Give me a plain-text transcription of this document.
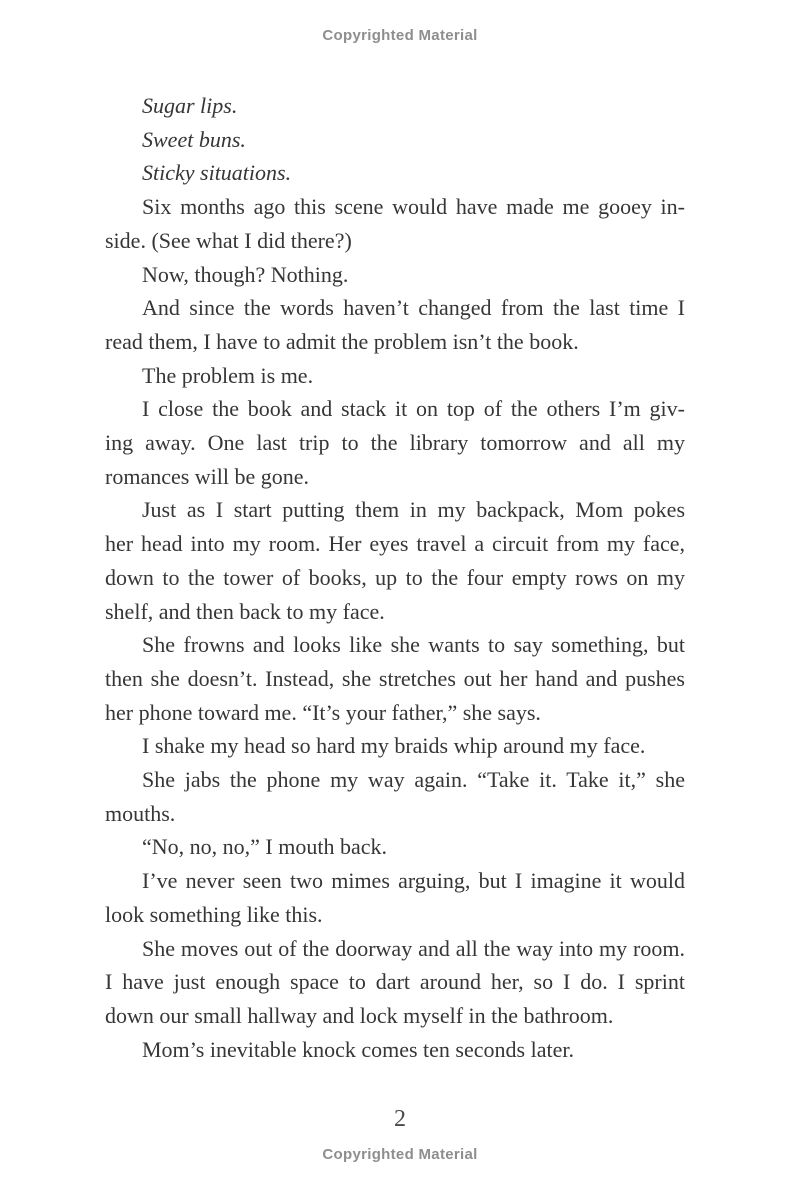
Copyrighted Material
Sugar lips.
Sweet buns.
Sticky situations.
Six months ago this scene would have made me gooey in-
side. (See what I did there?)
Now, though? Nothing.
And since the words haven’t changed from the last time I
read them, I have to admit the problem isn’t the book.
The problem is me.
I close the book and stack it on top of the others I’m giv-
ing away. One last trip to the library tomorrow and all my
romances will be gone.
Just as I start putting them in my backpack, Mom pokes
her head into my room. Her eyes travel a circuit from my face,
down to the tower of books, up to the four empty rows on my
shelf, and then back to my face.
She frowns and looks like she wants to say something, but
then she doesn’t. Instead, she stretches out her hand and pushes
her phone toward me. “It’s your father,” she says.
I shake my head so hard my braids whip around my face.
She jabs the phone my way again. “Take it. Take it,” she
mouths.
“No, no, no,” I mouth back.
I’ve never seen two mimes arguing, but I imagine it would
look something like this.
She moves out of the doorway and all the way into my room.
I have just enough space to dart around her, so I do. I sprint
down our small hallway and lock myself in the bathroom.
Mom’s inevitable knock comes ten seconds later.
2
Copyrighted Material
